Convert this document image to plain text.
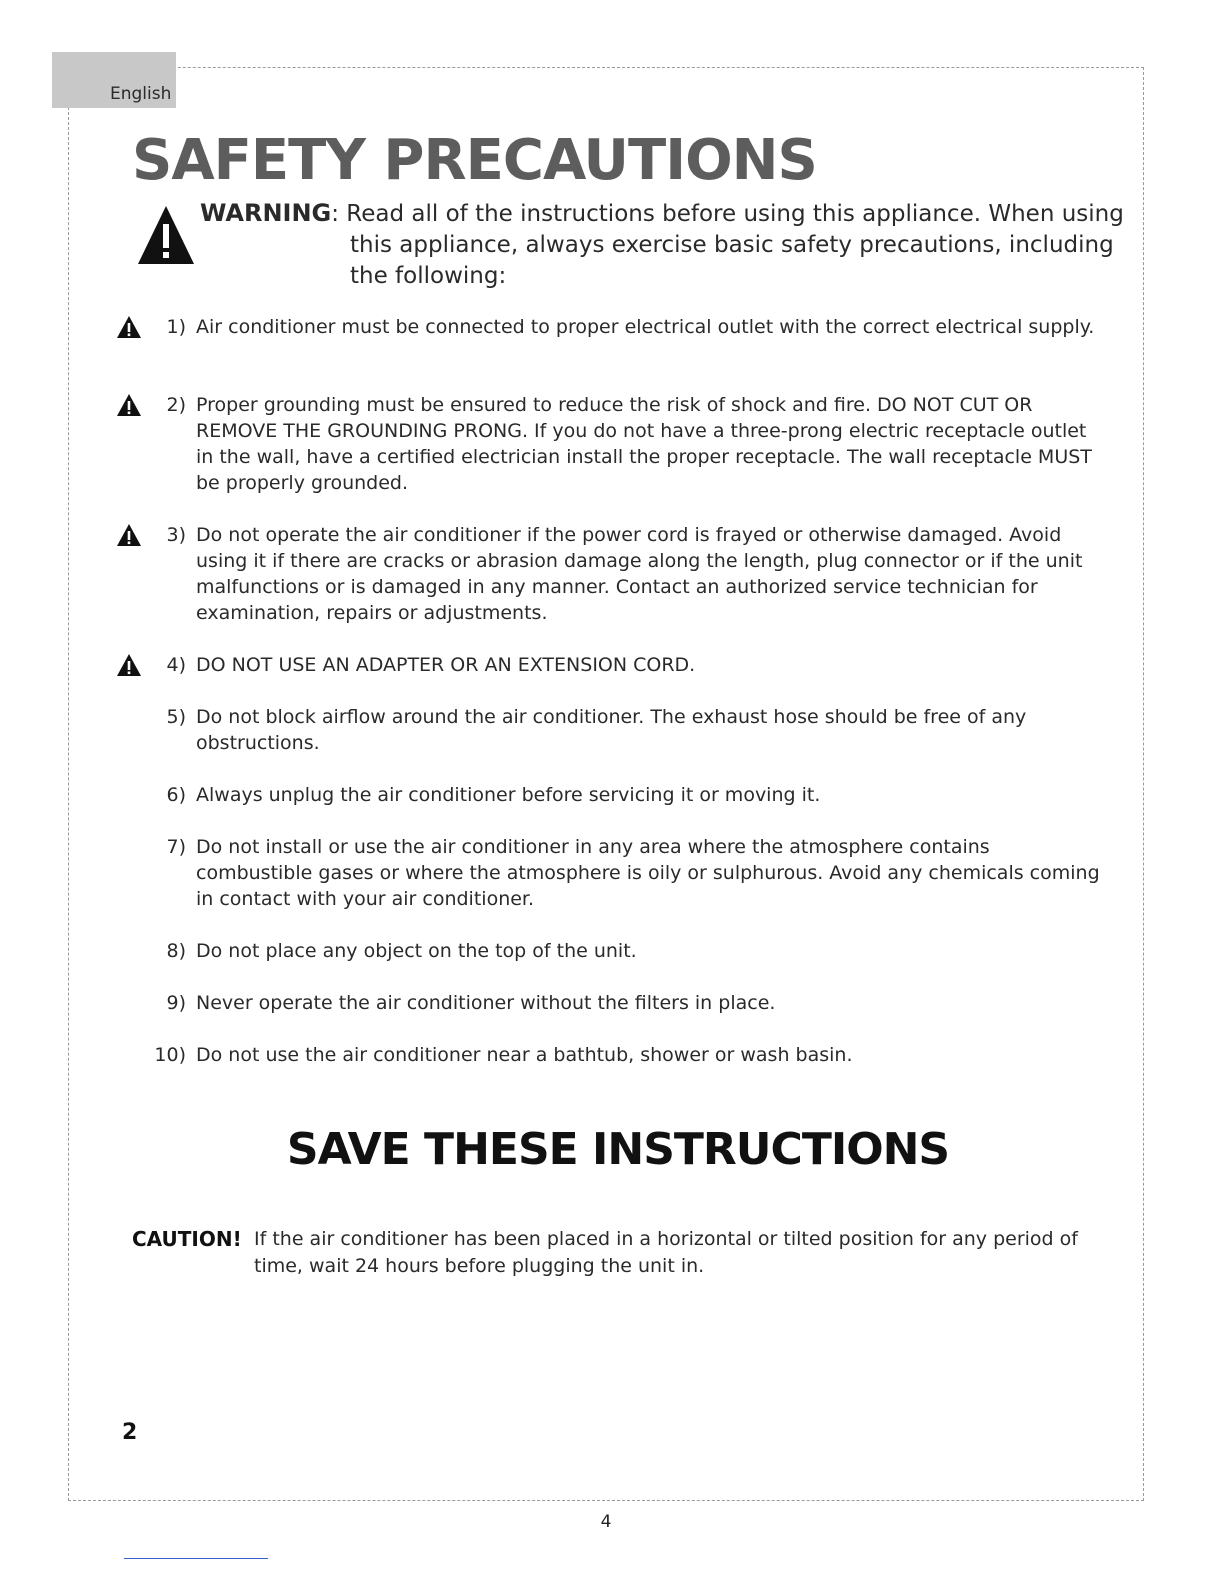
English
SAFETY PRECAUTIONS
WARNING: Read all of the instructions before using this appliance. When using
this appliance, always exercise basic safety precautions, including
the following:
1) Air conditioner must be connected to proper electrical outlet with the correct electrical supply.
2) Proper grounding must be ensured to reduce the risk of shock and fire. DO NOT CUT OR REMOVE THE GROUNDING PRONG. If you do not have a three-prong electric receptacle outlet in the wall, have a certified electrician install the proper receptacle. The wall receptacle MUST be properly grounded.
3) Do not operate the air conditioner if the power cord is frayed or otherwise damaged. Avoid using it if there are cracks or abrasion damage along the length, plug connector or if the unit malfunctions or is damaged in any manner. Contact an authorized service technician for examination, repairs or adjustments.
4) DO NOT USE AN ADAPTER OR AN EXTENSION CORD.
5) Do not block airflow around the air conditioner. The exhaust hose should be free of any obstructions.
6) Always unplug the air conditioner before servicing it or moving it.
7) Do not install or use the air conditioner in any area where the atmosphere contains combustible gases or where the atmosphere is oily or sulphurous. Avoid any chemicals coming in contact with your air conditioner.
8) Do not place any object on the top of the unit.
9) Never operate the air conditioner without the filters in place.
10) Do not use the air conditioner near a bathtub, shower or wash basin.
SAVE THESE INSTRUCTIONS
CAUTION! If the air conditioner has been placed in a horizontal or tilted position for any period of time, wait 24 hours before plugging the unit in.
2
4
